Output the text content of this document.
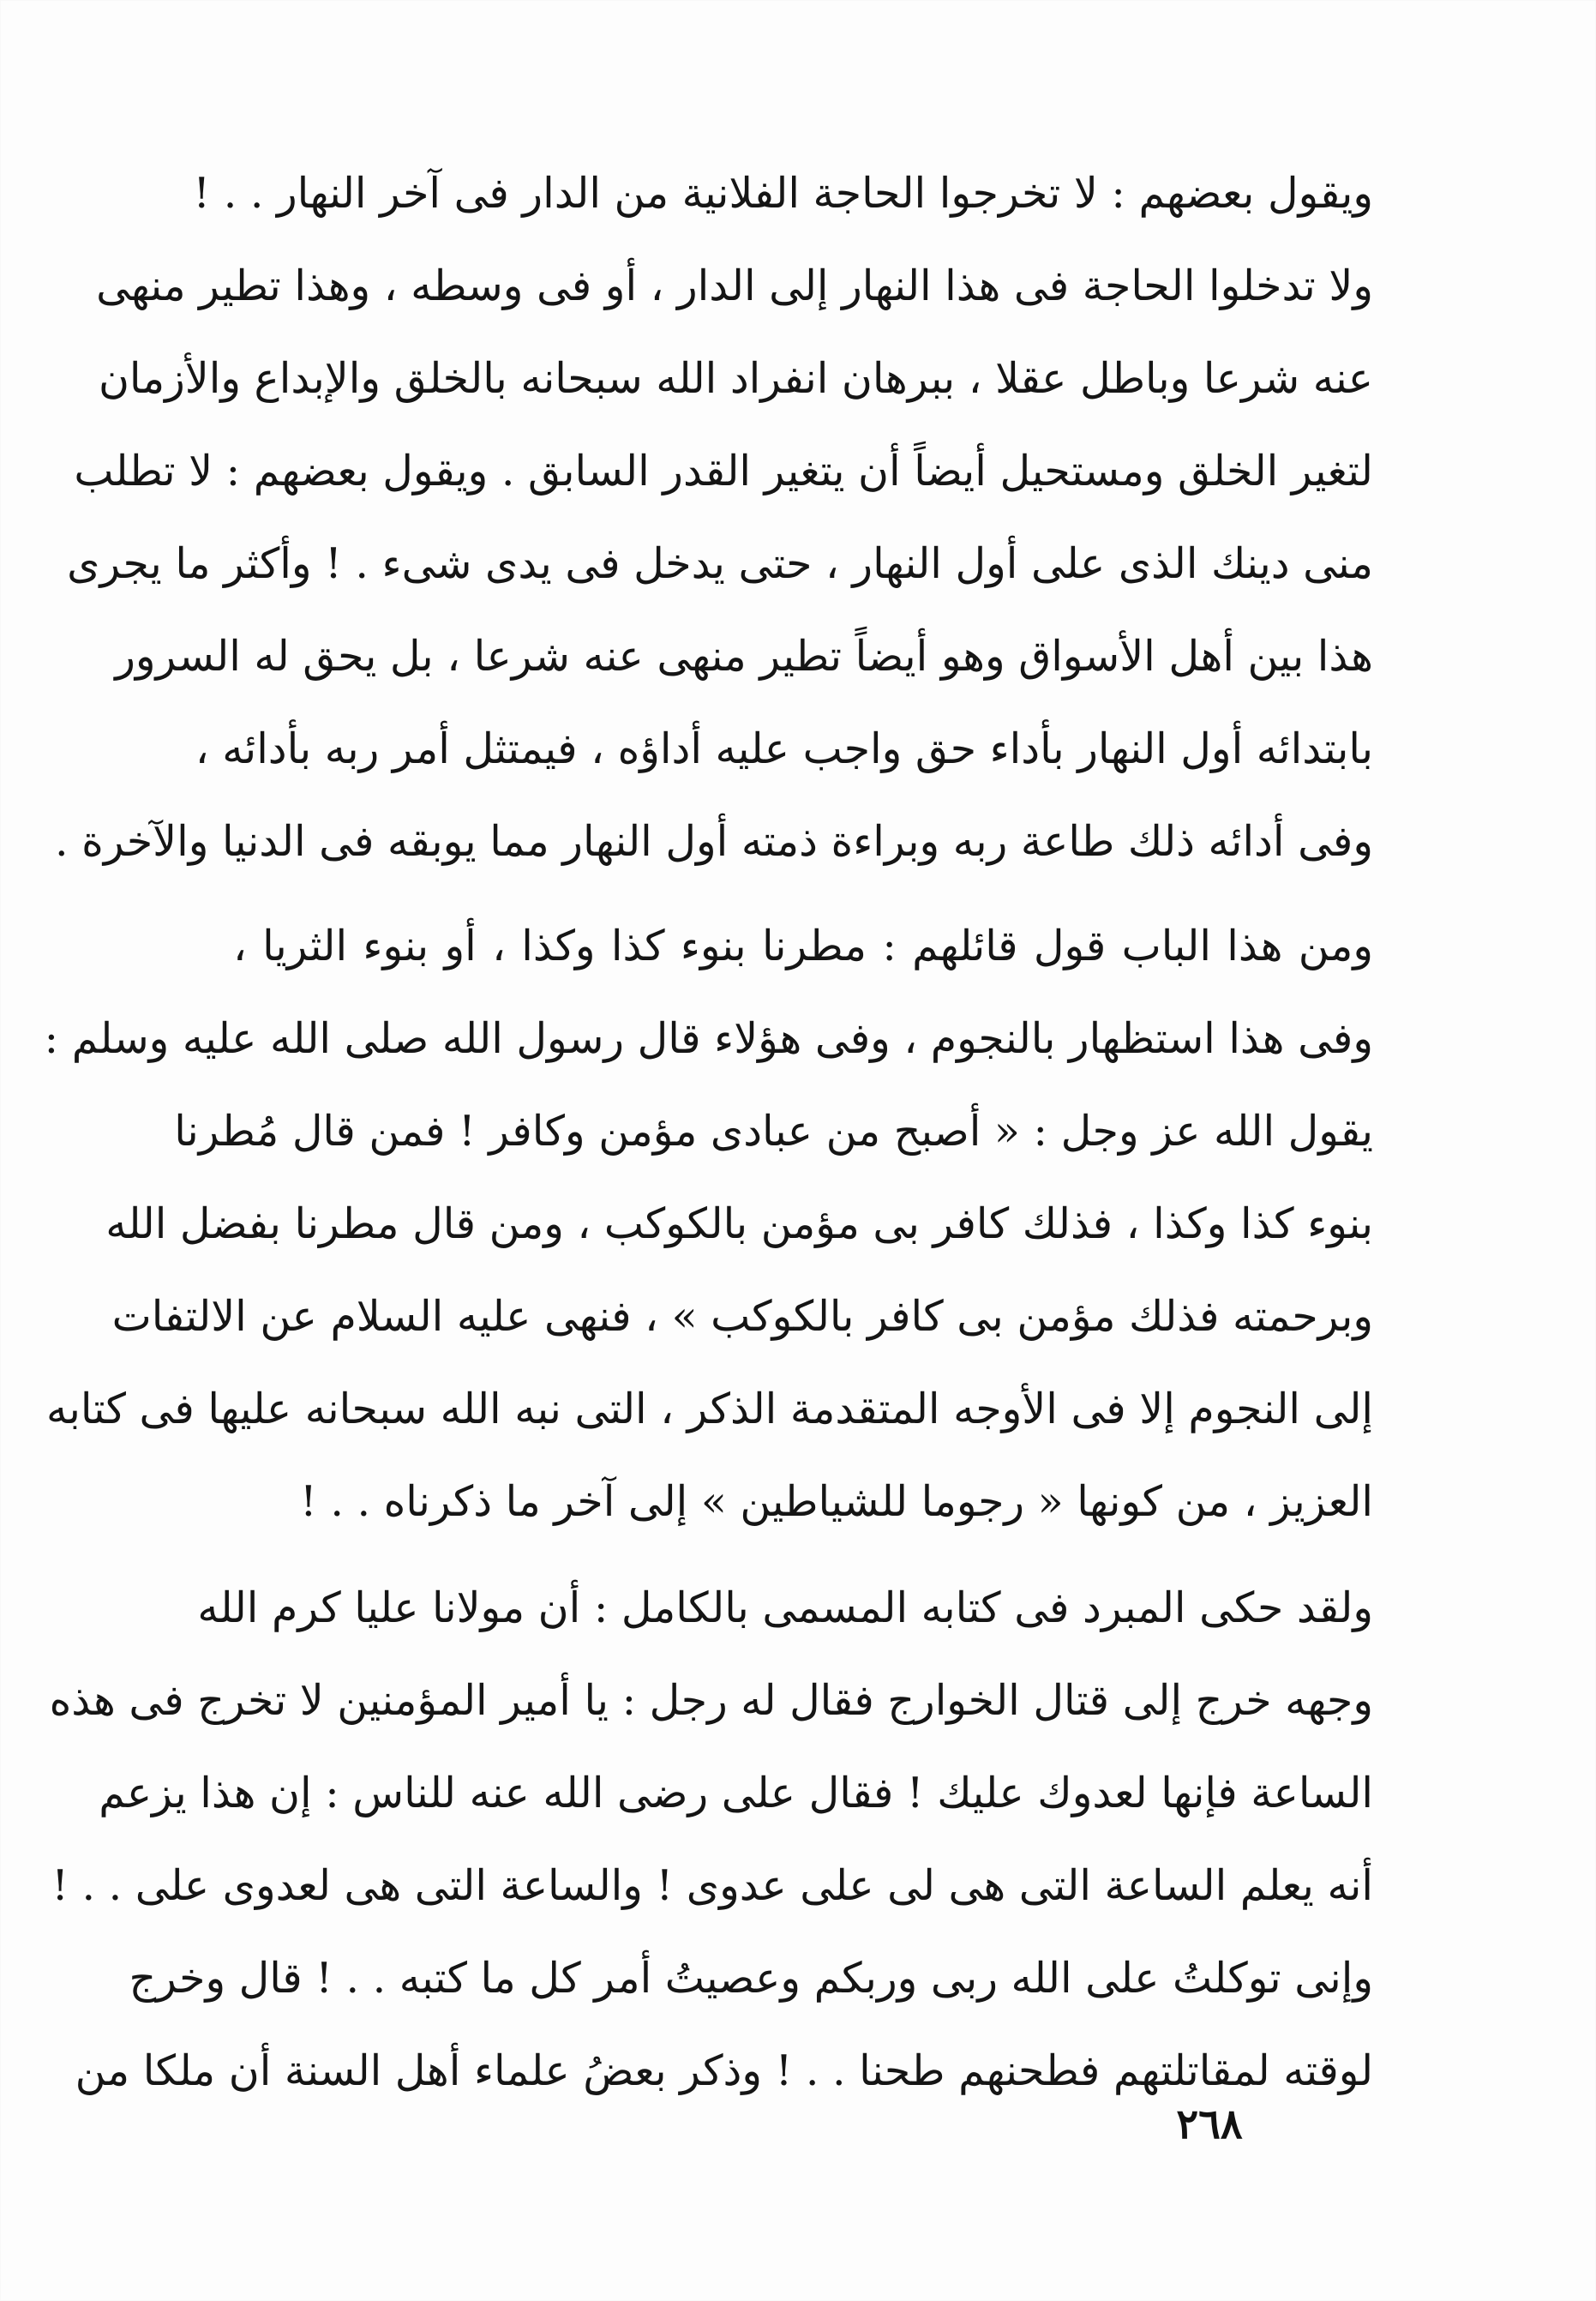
ويقول بعضهم : لا تخرجوا الحاجة الفلانية من الدار فى آخر النهار . . !
ولا تدخلوا الحاجة فى هذا النهار إلى الدار ، أو فى وسطه ، وهذا تطير منهى
عنه شرعا وباطل عقلا ، ببرهان انفراد الله سبحانه بالخلق والإبداع والأزمان
لتغير الخلق ومستحيل أيضاً أن يتغير القدر السابق . ويقول بعضهم : لا تطلب
منى دينك الذى على أول النهار ، حتى يدخل فى يدى شىء . ! وأكثر ما يجرى
هذا بين أهل الأسواق وهو أيضاً تطير منهى عنه شرعا ، بل يحق له السرور
بابتدائه أول النهار بأداء حق واجب عليه أداؤه ، فيمتثل أمر ربه بأدائه ،
وفى أدائه ذلك طاعة ربه وبراءة ذمته أول النهار مما يوبقه فى الدنيا والآخرة .
ومن هذا الباب قول قائلهم : مطرنا بنوء كذا وكذا ، أو بنوء الثريا ،
وفى هذا استظهار بالنجوم ، وفى هؤلاء قال رسول الله صلى الله عليه وسلم :
يقول الله عز وجل : « أصبح من عبادى مؤمن وكافر ! فمن قال مُطرنا
بنوء كذا وكذا ، فذلك كافر بى مؤمن بالكوكب ، ومن قال مطرنا بفضل الله
وبرحمته فذلك مؤمن بى كافر بالكوكب » ، فنهى عليه السلام عن الالتفات
إلى النجوم إلا فى الأوجه المتقدمة الذكر ، التى نبه الله سبحانه عليها فى كتابه
العزيز ، من كونها « رجوما للشياطين » إلى آخر ما ذكرناه . . !
ولقد حكى المبرد فى كتابه المسمى بالكامل : أن مولانا عليا كرم الله
وجهه خرج إلى قتال الخوارج فقال له رجل : يا أمير المؤمنين لا تخرج فى هذه
الساعة فإنها لعدوك عليك ! فقال على رضى الله عنه للناس : إن هذا يزعم
أنه يعلم الساعة التى هى لى على عدوى ! والساعة التى هى لعدوى على . . !
وإنى توكلتُ على الله ربى وربكم وعصيتُ أمر كل ما كتبه . . ! قال وخرج
لوقته لمقاتلتهم فطحنهم طحنا . . ! وذكر بعضُ علماء أهل السنة أن ملكا من
٢٦٨
